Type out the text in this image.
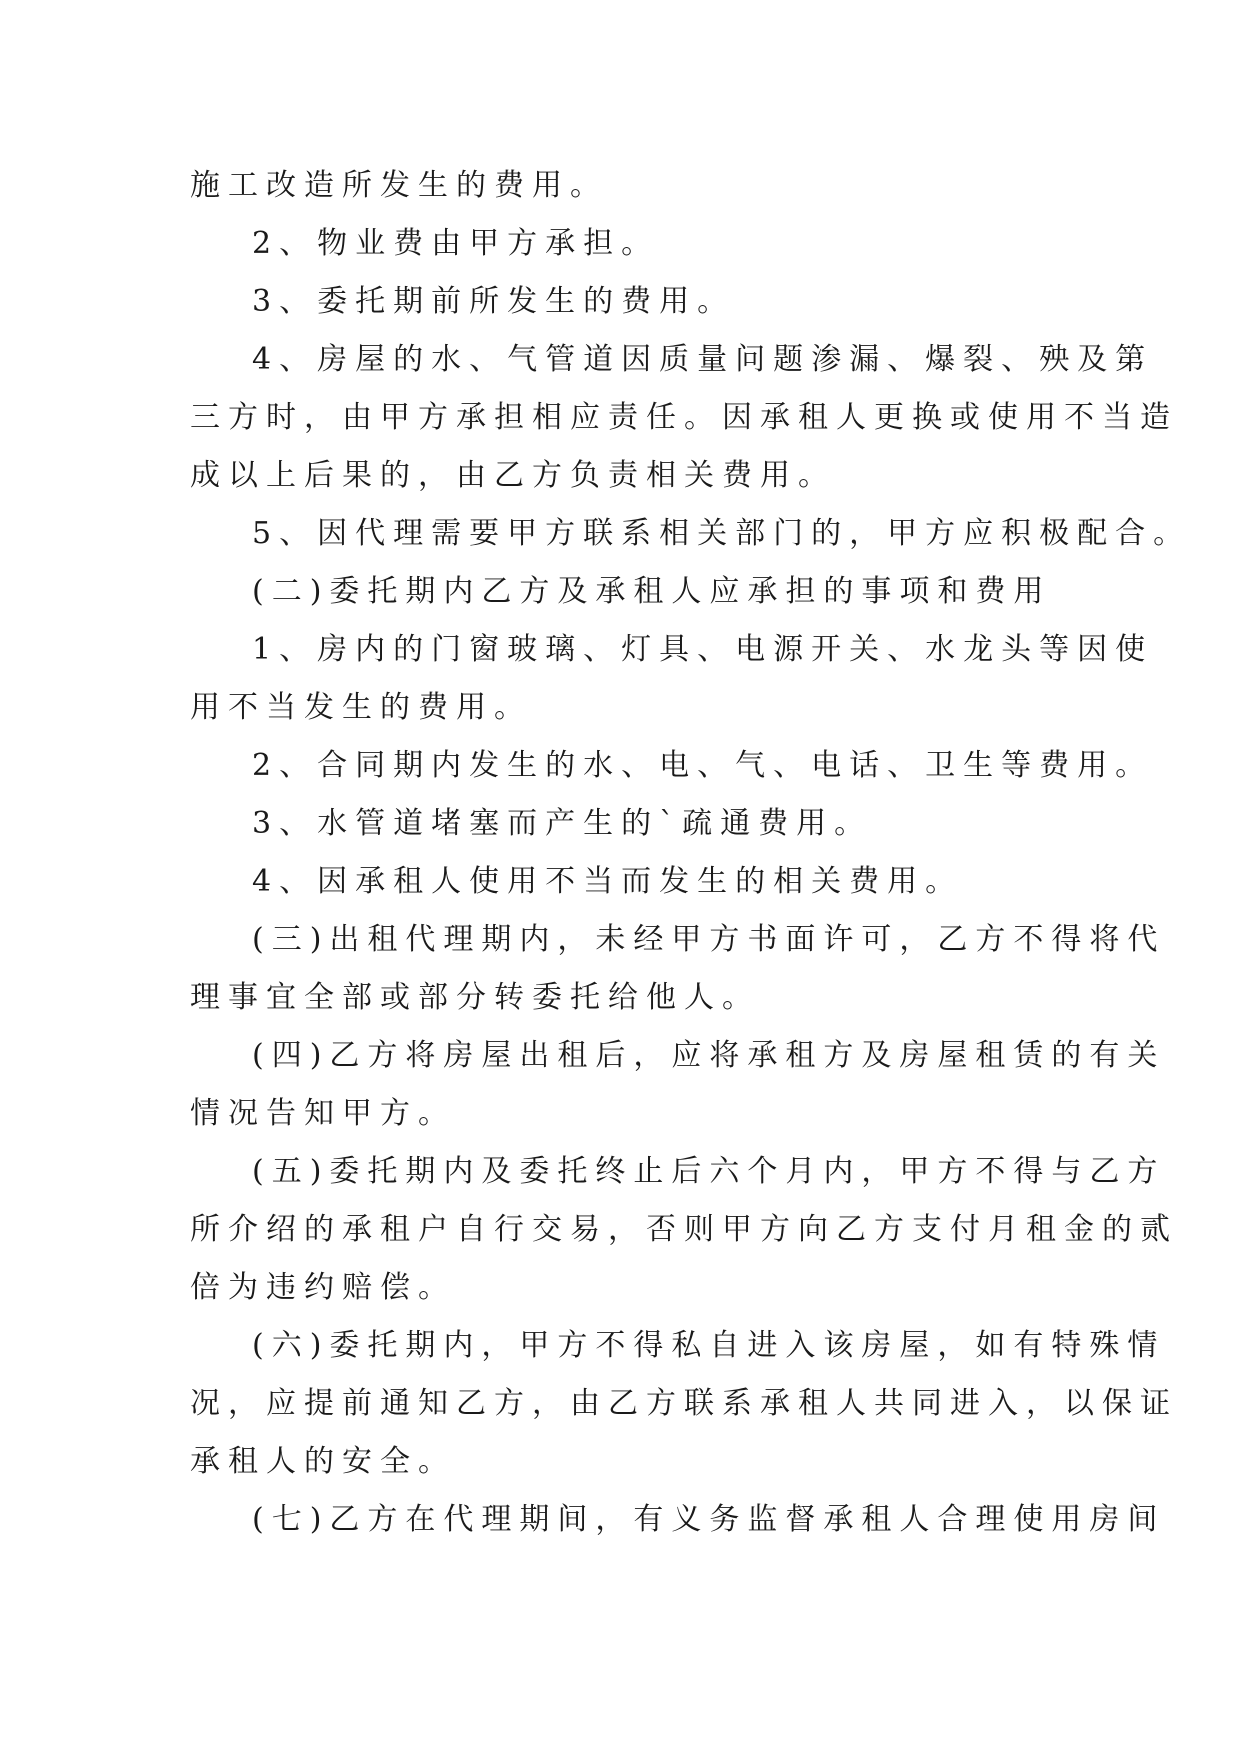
施工改造所发生的费用。

2、物业费由甲方承担。

3、委托期前所发生的费用。

4、房屋的水、气管道因质量问题渗漏、爆裂、殃及第

三方时，由甲方承担相应责任。因承租人更换或使用不当造

成以上后果的，由乙方负责相关费用。

5、因代理需要甲方联系相关部门的，甲方应积极配合。

(二)委托期内乙方及承租人应承担的事项和费用

1、房内的门窗玻璃、灯具、电源开关、水龙头等因使

用不当发生的费用。

2、合同期内发生的水、电、气、电话、卫生等费用。

3、水管道堵塞而产生的`疏通费用。

4、因承租人使用不当而发生的相关费用。

(三)出租代理期内，未经甲方书面许可，乙方不得将代

理事宜全部或部分转委托给他人。

(四)乙方将房屋出租后，应将承租方及房屋租赁的有关

情况告知甲方。

(五)委托期内及委托终止后六个月内，甲方不得与乙方

所介绍的承租户自行交易，否则甲方向乙方支付月租金的贰

倍为违约赔偿。

(六)委托期内，甲方不得私自进入该房屋，如有特殊情

况，应提前通知乙方，由乙方联系承租人共同进入，以保证

承租人的安全。

(七)乙方在代理期间，有义务监督承租人合理使用房间
